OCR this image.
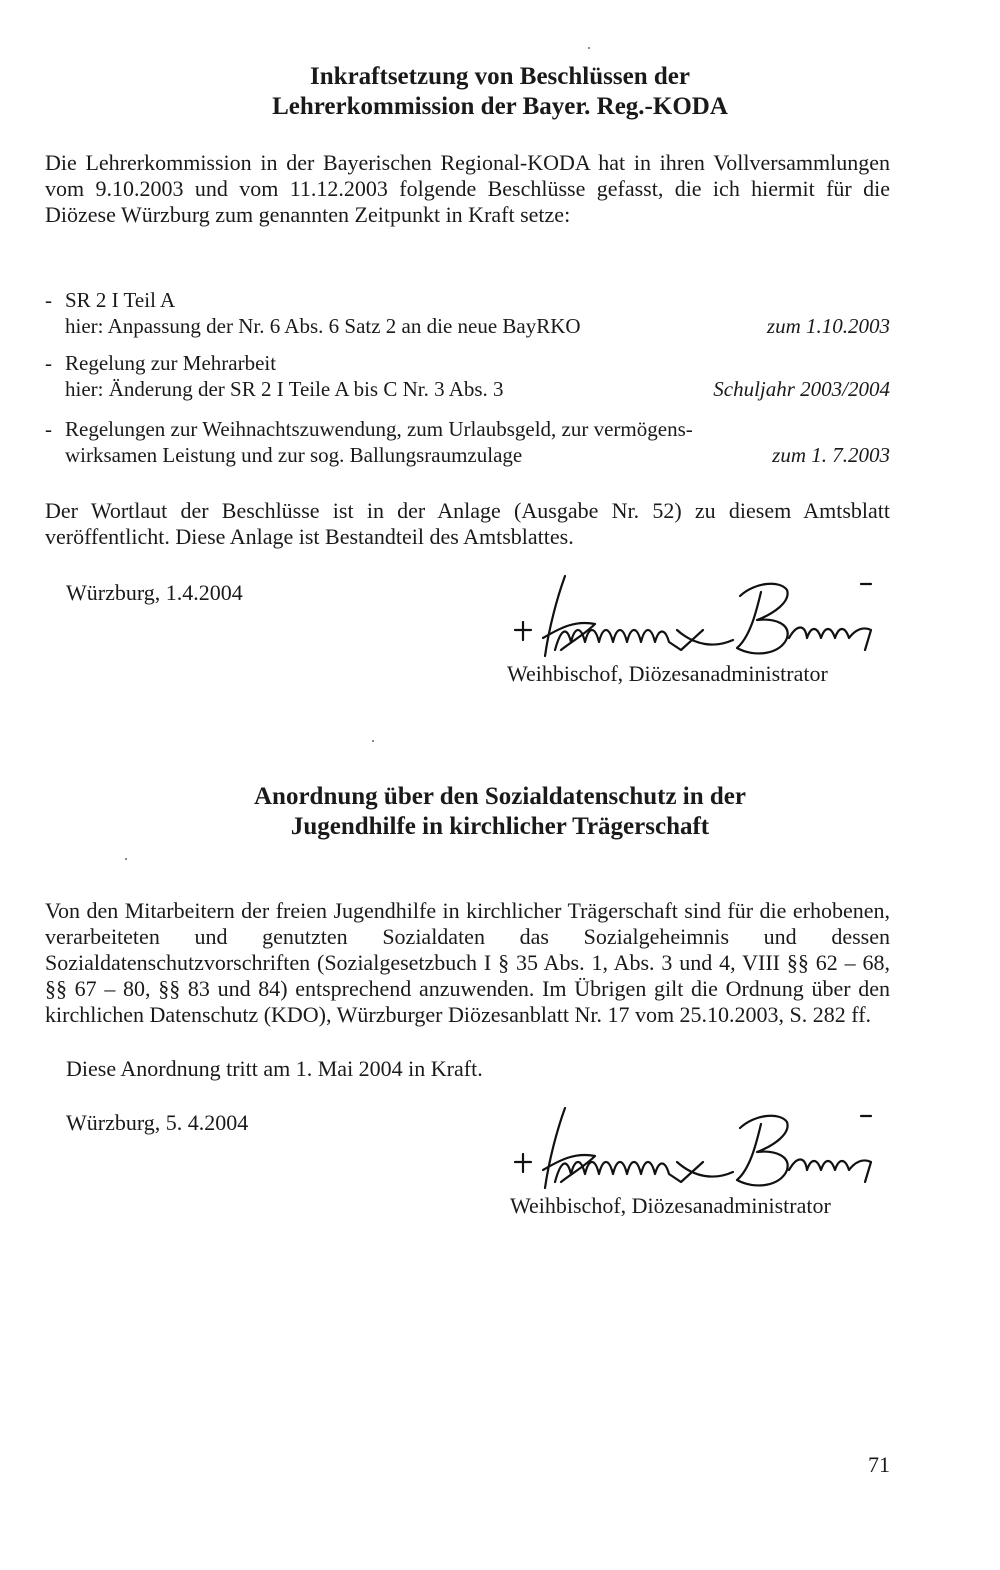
Inkraftsetzung von Beschlüssen der
Lehrerkommission der Bayer. Reg.-KODA
Die Lehrerkommission in der Bayerischen Regional-KODA hat in ihren Vollversammlungen vom 9.10.2003 und vom 11.12.2003 folgende Beschlüsse gefasst, die ich hiermit für die Diözese Würzburg zum genannten Zeitpunkt in Kraft setze:
- SR 2 I Teil A
hier: Anpassung der Nr. 6 Abs. 6 Satz 2 an die neue BayRKO	zum 1.10.2003
- Regelung zur Mehrarbeit
hier: Änderung der SR 2 I Teile A bis C Nr. 3 Abs. 3	Schuljahr 2003/2004
- Regelungen zur Weihnachtszuwendung, zum Urlaubsgeld, zur vermögens-
wirksamen Leistung und zur sog. Ballungsraumzulage	zum 1. 7.2003
Der Wortlaut der Beschlüsse ist in der Anlage (Ausgabe Nr. 52) zu diesem Amtsblatt veröffentlicht. Diese Anlage ist Bestandteil des Amtsblattes.
Würzburg, 1.4.2004
Weihbischof, Diözesanadministrator
Anordnung über den Sozialdatenschutz in der
Jugendhilfe in kirchlicher Trägerschaft
Von den Mitarbeitern der freien Jugendhilfe in kirchlicher Trägerschaft sind für die erhobenen, verarbeiteten und genutzten Sozialdaten das Sozialgeheimnis und dessen Sozialdatenschutzvorschriften (Sozialgesetzbuch I § 35 Abs. 1, Abs. 3 und 4, VIII §§ 62 – 68, §§ 67 – 80, §§ 83 und 84) entsprechend anzuwenden. Im Übrigen gilt die Ordnung über den kirchlichen Datenschutz (KDO), Würzburger Diözesanblatt Nr. 17 vom 25.10.2003, S. 282 ff.
Diese Anordnung tritt am 1. Mai 2004 in Kraft.
Würzburg, 5. 4.2004
Weihbischof, Diözesanadministrator
71
